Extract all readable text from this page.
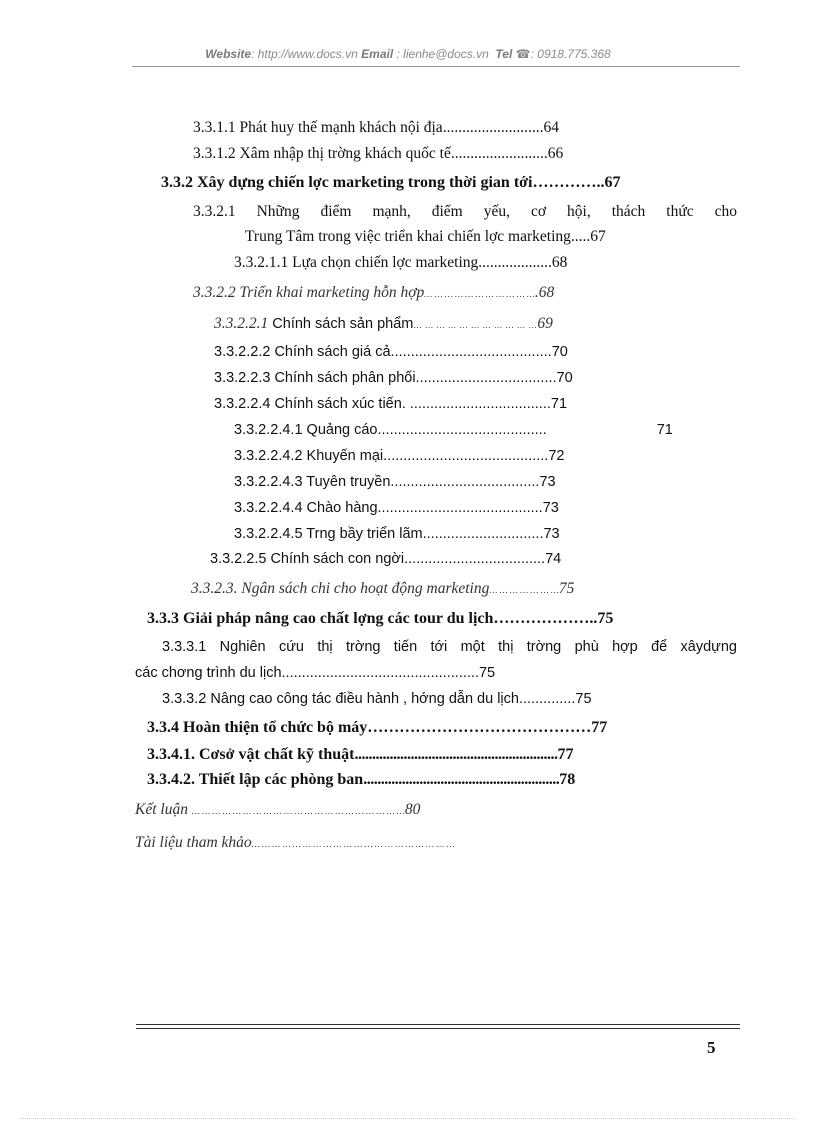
Website: http://www.docs.vn Email : lienhe@docs.vn Tel ☎: 0918.775.368
3.3.1.1 Phát huy thế mạnh khách nội địa..........................64
3.3.1.2 Xâm nhập thị trờng khách quốc tế.........................66
3.3.2 Xây dựng chiến lợc marketing trong thời gian tới…………..67
3.3.2.1 Những điểm mạnh, điểm yếu, cơ hội, thách thức cho
Trung Tâm trong việc triển khai chiến lợc marketing.....67
3.3.2.1.1 Lựa chọn chiến lợc marketing...................68
3.3.2.2 Triển khai marketing hỗn hợp… … … … … … … … … … ….68
3.3.2.2.1 Chính sách sản phẩm… … … … … … … … … … …69
3.3.2.2.2 Chính sách giá cả........................................70
3.3.2.2.3 Chính sách phân phối...................................70
3.3.2.2.4 Chính sách xúc tiến. ...................................71
3.3.2.2.4.1 Quảng cáo..........................................	71
3.3.2.2.4.2 Khuyến mại.........................................72
3.3.2.2.4.3 Tuyên truyền.....................................73
3.3.2.2.4.4 Chào hàng.........................................73
3.3.2.2.4.5 Trng bầy triển lãm..............................73
3.3.2.2.5 Chính sách con ngời...................................74
3.3.2.3. Ngân sách chi cho hoạt động marketing… … … … … … …75
3.3.3 Giải pháp nâng cao chất lợng các tour du lịch………………..75
3.3.3.1 Nghiên cứu thị trờng tiến tới một thị trờng phù hợp để xâydựng
các chơng trình du lịch.................................................75
3.3.3.2 Nâng cao công tác điều hành , hớng dẫn du lịch..............75
3.3.4 Hoàn thiện tổ chức bộ máy……………………………………77
3.3.4.1. Cơsở vật chất kỹ thuật..........................................................77
3.3.4.2. Thiết lập các phòng ban........................................................78
Kết luận … … … … … … … … … … … … … … … … … … … … …80
Tài liệu tham khảo… … … … … … … … … … … … … … … … … … … …
5
